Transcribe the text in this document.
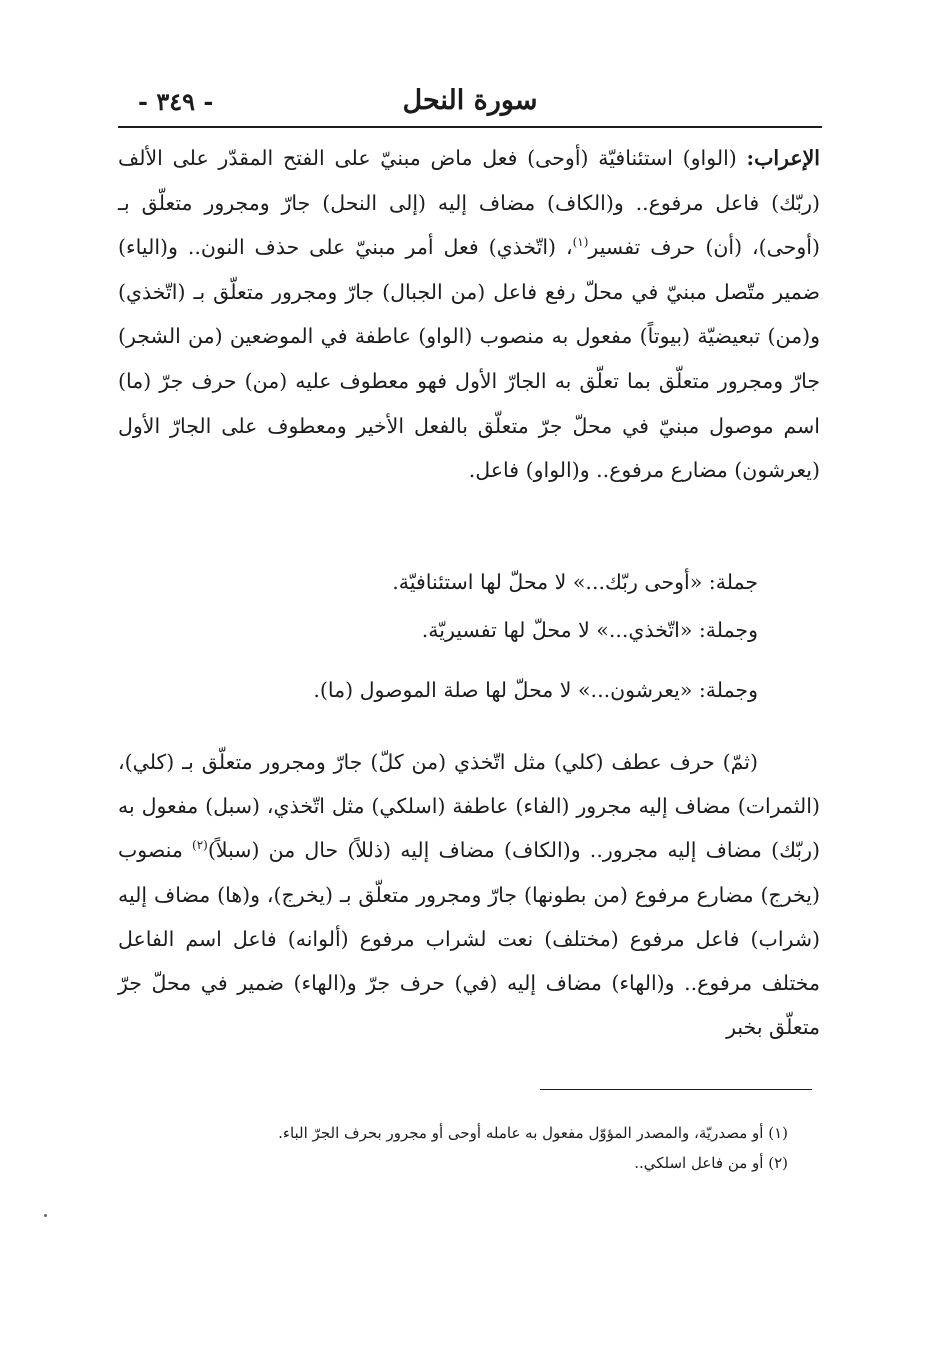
سورة النحل
- ٣٤٩ -

الإعراب: (الواو) استئنافيّة (أوحى) فعل ماض مبنيّ على الفتح المقدّر على الألف (ربّك) فاعل مرفوع.. و(الكاف) مضاف إليه (إلى النحل) جارّ ومجرور متعلّق بـ (أوحى)، (أن) حرف تفسير$^{(١)}$، (اتّخذي) فعل أمر مبنيّ على حذف النون.. و(الياء) ضمير متّصل مبنيّ في محلّ رفع فاعل (من الجبال) جارّ ومجرور متعلّق بـ (اتّخذي) و(من) تبعيضيّة (بيوتاً) مفعول به منصوب (الواو) عاطفة في الموضعين (من الشجر) جارّ ومجرور متعلّق بما تعلّق به الجارّ الأول فهو معطوف عليه (من) حرف جرّ (ما) اسم موصول مبنيّ في محلّ جرّ متعلّق بالفعل الأخير ومعطوف على الجارّ الأول (يعرشون) مضارع مرفوع.. و(الواو) فاعل.

جملة: «أوحى ربّك...» لا محلّ لها استئنافيّة.
وجملة: «اتّخذي...» لا محلّ لها تفسيريّة.
وجملة: «يعرشون...» لا محلّ لها صلة الموصول (ما).

(ثمّ) حرف عطف (كلي) مثل اتّخذي (من كلّ) جارّ ومجرور متعلّق بـ (كلي)، (الثمرات) مضاف إليه مجرور (الفاء) عاطفة (اسلكي) مثل اتّخذي، (سبل) مفعول به (ربّك) مضاف إليه مجرور.. و(الكاف) مضاف إليه (ذللاً) حال من (سبلاً)$^{(٢)}$ منصوب (يخرج) مضارع مرفوع (من بطونها) جارّ ومجرور متعلّق بـ (يخرج)، و(ها) مضاف إليه (شراب) فاعل مرفوع (مختلف) نعت لشراب مرفوع (ألوانه) فاعل اسم الفاعل مختلف مرفوع.. و(الهاء) مضاف إليه (في) حرف جرّ و(الهاء) ضمير في محلّ جرّ متعلّق بخبر

(١) أو مصدريّة، والمصدر المؤوّل مفعول به عامله أوحى أو مجرور بحرف الجرّ الباء.
(٢) أو من فاعل اسلكي..
